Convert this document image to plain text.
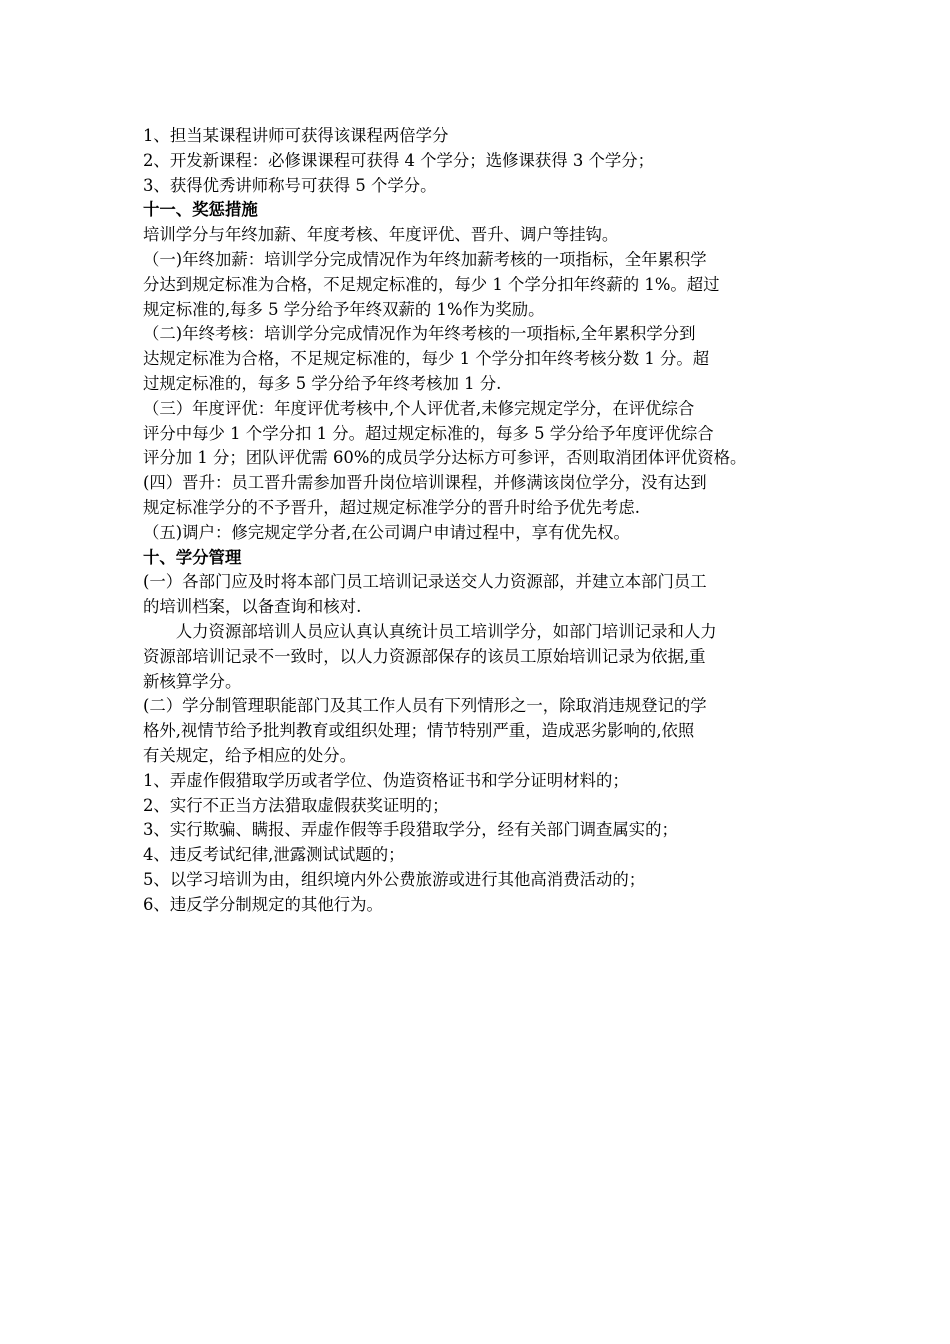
1、担当某课程讲师可获得该课程两倍学分
2、开发新课程：必修课课程可获得 4 个学分；选修课获得 3 个学分；
3、获得优秀讲师称号可获得 5 个学分。
十一、奖惩措施
培训学分与年终加薪、年度考核、年度评优、晋升、调户等挂钩。
（一)年终加薪：培训学分完成情况作为年终加薪考核的一项指标，全年累积学
分达到规定标准为合格，不足规定标准的，每少 1 个学分扣年终薪的 1%。超过
规定标准的,每多 5 学分给予年终双薪的 1%作为奖励。
（二)年终考核：培训学分完成情况作为年终考核的一项指标,全年累积学分到
达规定标准为合格，不足规定标准的，每少 1 个学分扣年终考核分数 1 分。超
过规定标准的，每多 5 学分给予年终考核加 1 分.
（三）年度评优：年度评优考核中,个人评优者,未修完规定学分，在评优综合
评分中每少 1 个学分扣 1 分。超过规定标准的，每多 5 学分给予年度评优综合
评分加 1 分；团队评优需 60%的成员学分达标方可参评，否则取消团体评优资格。
(四）晋升：员工晋升需参加晋升岗位培训课程，并修满该岗位学分，没有达到
规定标准学分的不予晋升，超过规定标准学分的晋升时给予优先考虑.
（五)调户：修完规定学分者,在公司调户申请过程中，享有优先权。
十、学分管理
(一）各部门应及时将本部门员工培训记录送交人力资源部，并建立本部门员工
的培训档案，以备查询和核对.
　　人力资源部培训人员应认真认真统计员工培训学分，如部门培训记录和人力
资源部培训记录不一致时，以人力资源部保存的该员工原始培训记录为依据,重
新核算学分。
(二）学分制管理职能部门及其工作人员有下列情形之一，除取消违规登记的学
格外,视情节给予批判教育或组织处理；情节特别严重，造成恶劣影响的,依照
有关规定，给予相应的处分。
1、弄虚作假猎取学历或者学位、伪造资格证书和学分证明材料的；
2、实行不正当方法猎取虚假获奖证明的；
3、实行欺骗、瞒报、弄虚作假等手段猎取学分，经有关部门调查属实的；
4、违反考试纪律,泄露测试试题的；
5、以学习培训为由，组织境内外公费旅游或进行其他高消费活动的；
6、违反学分制规定的其他行为。
